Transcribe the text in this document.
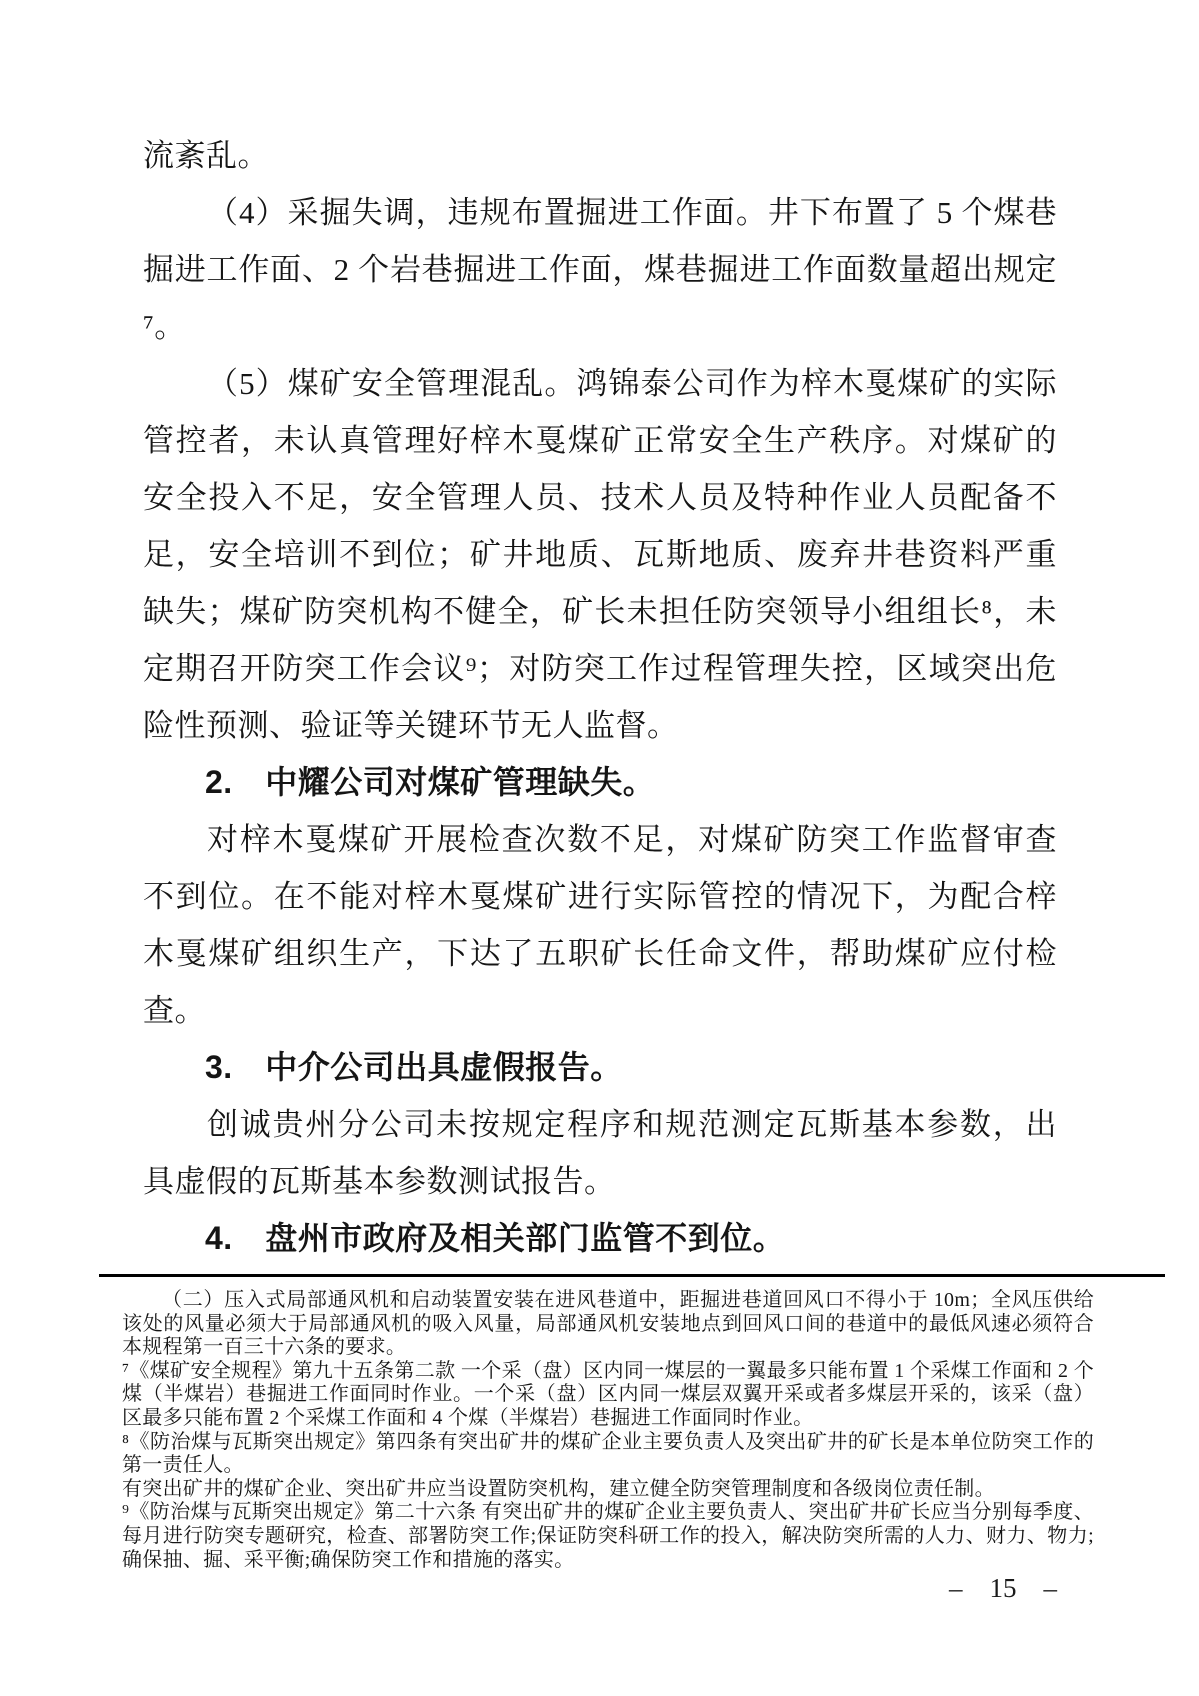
流紊乱。
（4）采掘失调，违规布置掘进工作面。井下布置了 5 个煤巷
掘进工作面、2 个岩巷掘进工作面，煤巷掘进工作面数量超出规定
⁷。
（5）煤矿安全管理混乱。鸿锦泰公司作为梓木戛煤矿的实际
管控者，未认真管理好梓木戛煤矿正常安全生产秩序。对煤矿的
安全投入不足，安全管理人员、技术人员及特种作业人员配备不
足，安全培训不到位；矿井地质、瓦斯地质、废弃井巷资料严重
缺失；煤矿防突机构不健全，矿长未担任防突领导小组组长⁸，未
定期召开防突工作会议⁹；对防突工作过程管理失控，区域突出危
险性预测、验证等关键环节无人监督。
2.　中耀公司对煤矿管理缺失。
对梓木戛煤矿开展检查次数不足，对煤矿防突工作监督审查
不到位。在不能对梓木戛煤矿进行实际管控的情况下，为配合梓
木戛煤矿组织生产，下达了五职矿长任命文件，帮助煤矿应付检
查。
3.　中介公司出具虚假报告。
创诚贵州分公司未按规定程序和规范测定瓦斯基本参数，出
具虚假的瓦斯基本参数测试报告。
4.　盘州市政府及相关部门监管不到位。

（二）压入式局部通风机和启动装置安装在进风巷道中，距掘进巷道回风口不得小于 10m；全风压供给该处的风量必须大于局部通风机的吸入风量，局部通风机安装地点到回风口间的巷道中的最低风速必须符合本规程第一百三十六条的要求。

⁷《煤矿安全规程》第九十五条第二款 一个采（盘）区内同一煤层的一翼最多只能布置 1 个采煤工作面和 2 个煤（半煤岩）巷掘进工作面同时作业。一个采（盘）区内同一煤层双翼开采或者多煤层开采的，该采（盘）区最多只能布置 2 个采煤工作面和 4 个煤（半煤岩）巷掘进工作面同时作业。

⁸《防治煤与瓦斯突出规定》第四条有突出矿井的煤矿企业主要负责人及突出矿井的矿长是本单位防突工作的第一责任人。

有突出矿井的煤矿企业、突出矿井应当设置防突机构，建立健全防突管理制度和各级岗位责任制。

⁹《防治煤与瓦斯突出规定》第二十六条 有突出矿井的煤矿企业主要负责人、突出矿井矿长应当分别每季度、每月进行防突专题研究，检查、部署防突工作;保证防突科研工作的投入，解决防突所需的人力、财力、物力;确保抽、掘、采平衡;确保防突工作和措施的落实。

–　15　–
